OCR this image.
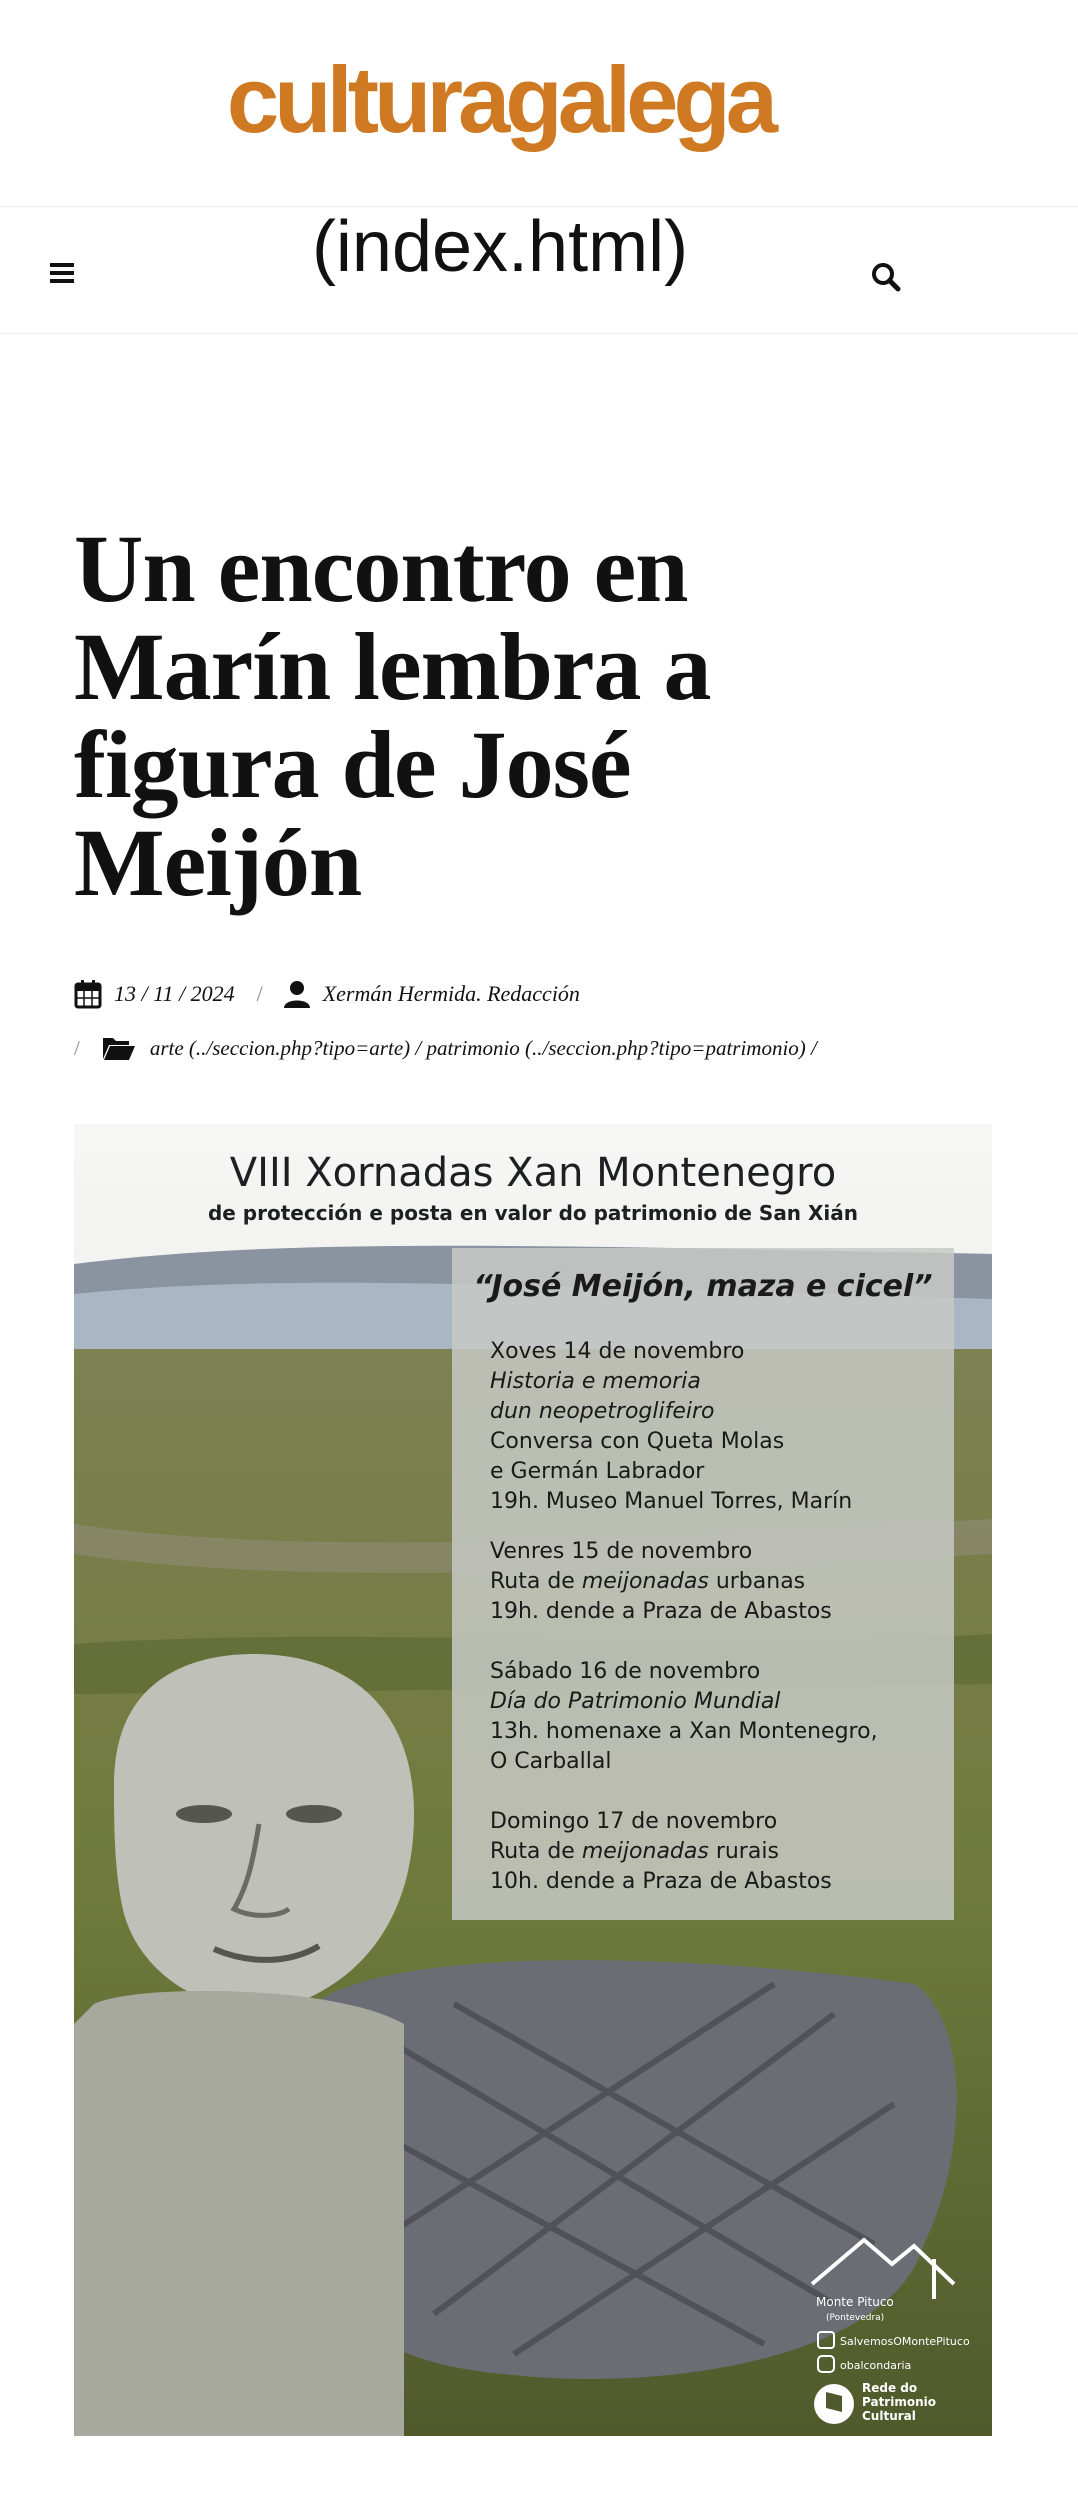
culturagalega
(index.html)
Un encontro en Marín lembra a figura de José Meijón
13 / 11 / 2024 /	Xermán Hermida. Redacción
/	arte (../seccion.php?tipo=arte) / patrimonio (../seccion.php?tipo=patrimonio) /
VIII Xornadas Xan Montenegro
de protección e posta en valor do patrimonio de San Xián
“José Meijón, maza e cicel”
Xoves 14 de novembro
Historia e memoria
dun neopetroglifeiro
Conversa con Queta Molas
e Germán Labrador
19h. Museo Manuel Torres, Marín
Venres 15 de novembro
Ruta de meijonadas urbanas
19h. dende a Praza de Abastos
Sábado 16 de novembro
Día do Patrimonio Mundial
13h. homenaxe a Xan Montenegro,
O Carballal
Domingo 17 de novembro
Ruta de meijonadas rurais
10h. dende a Praza de Abastos
Monte Pituco
(Pontevedra)
SalvemosOMontePituco
obalcondaria
Rede do
Patrimonio
Cultural
